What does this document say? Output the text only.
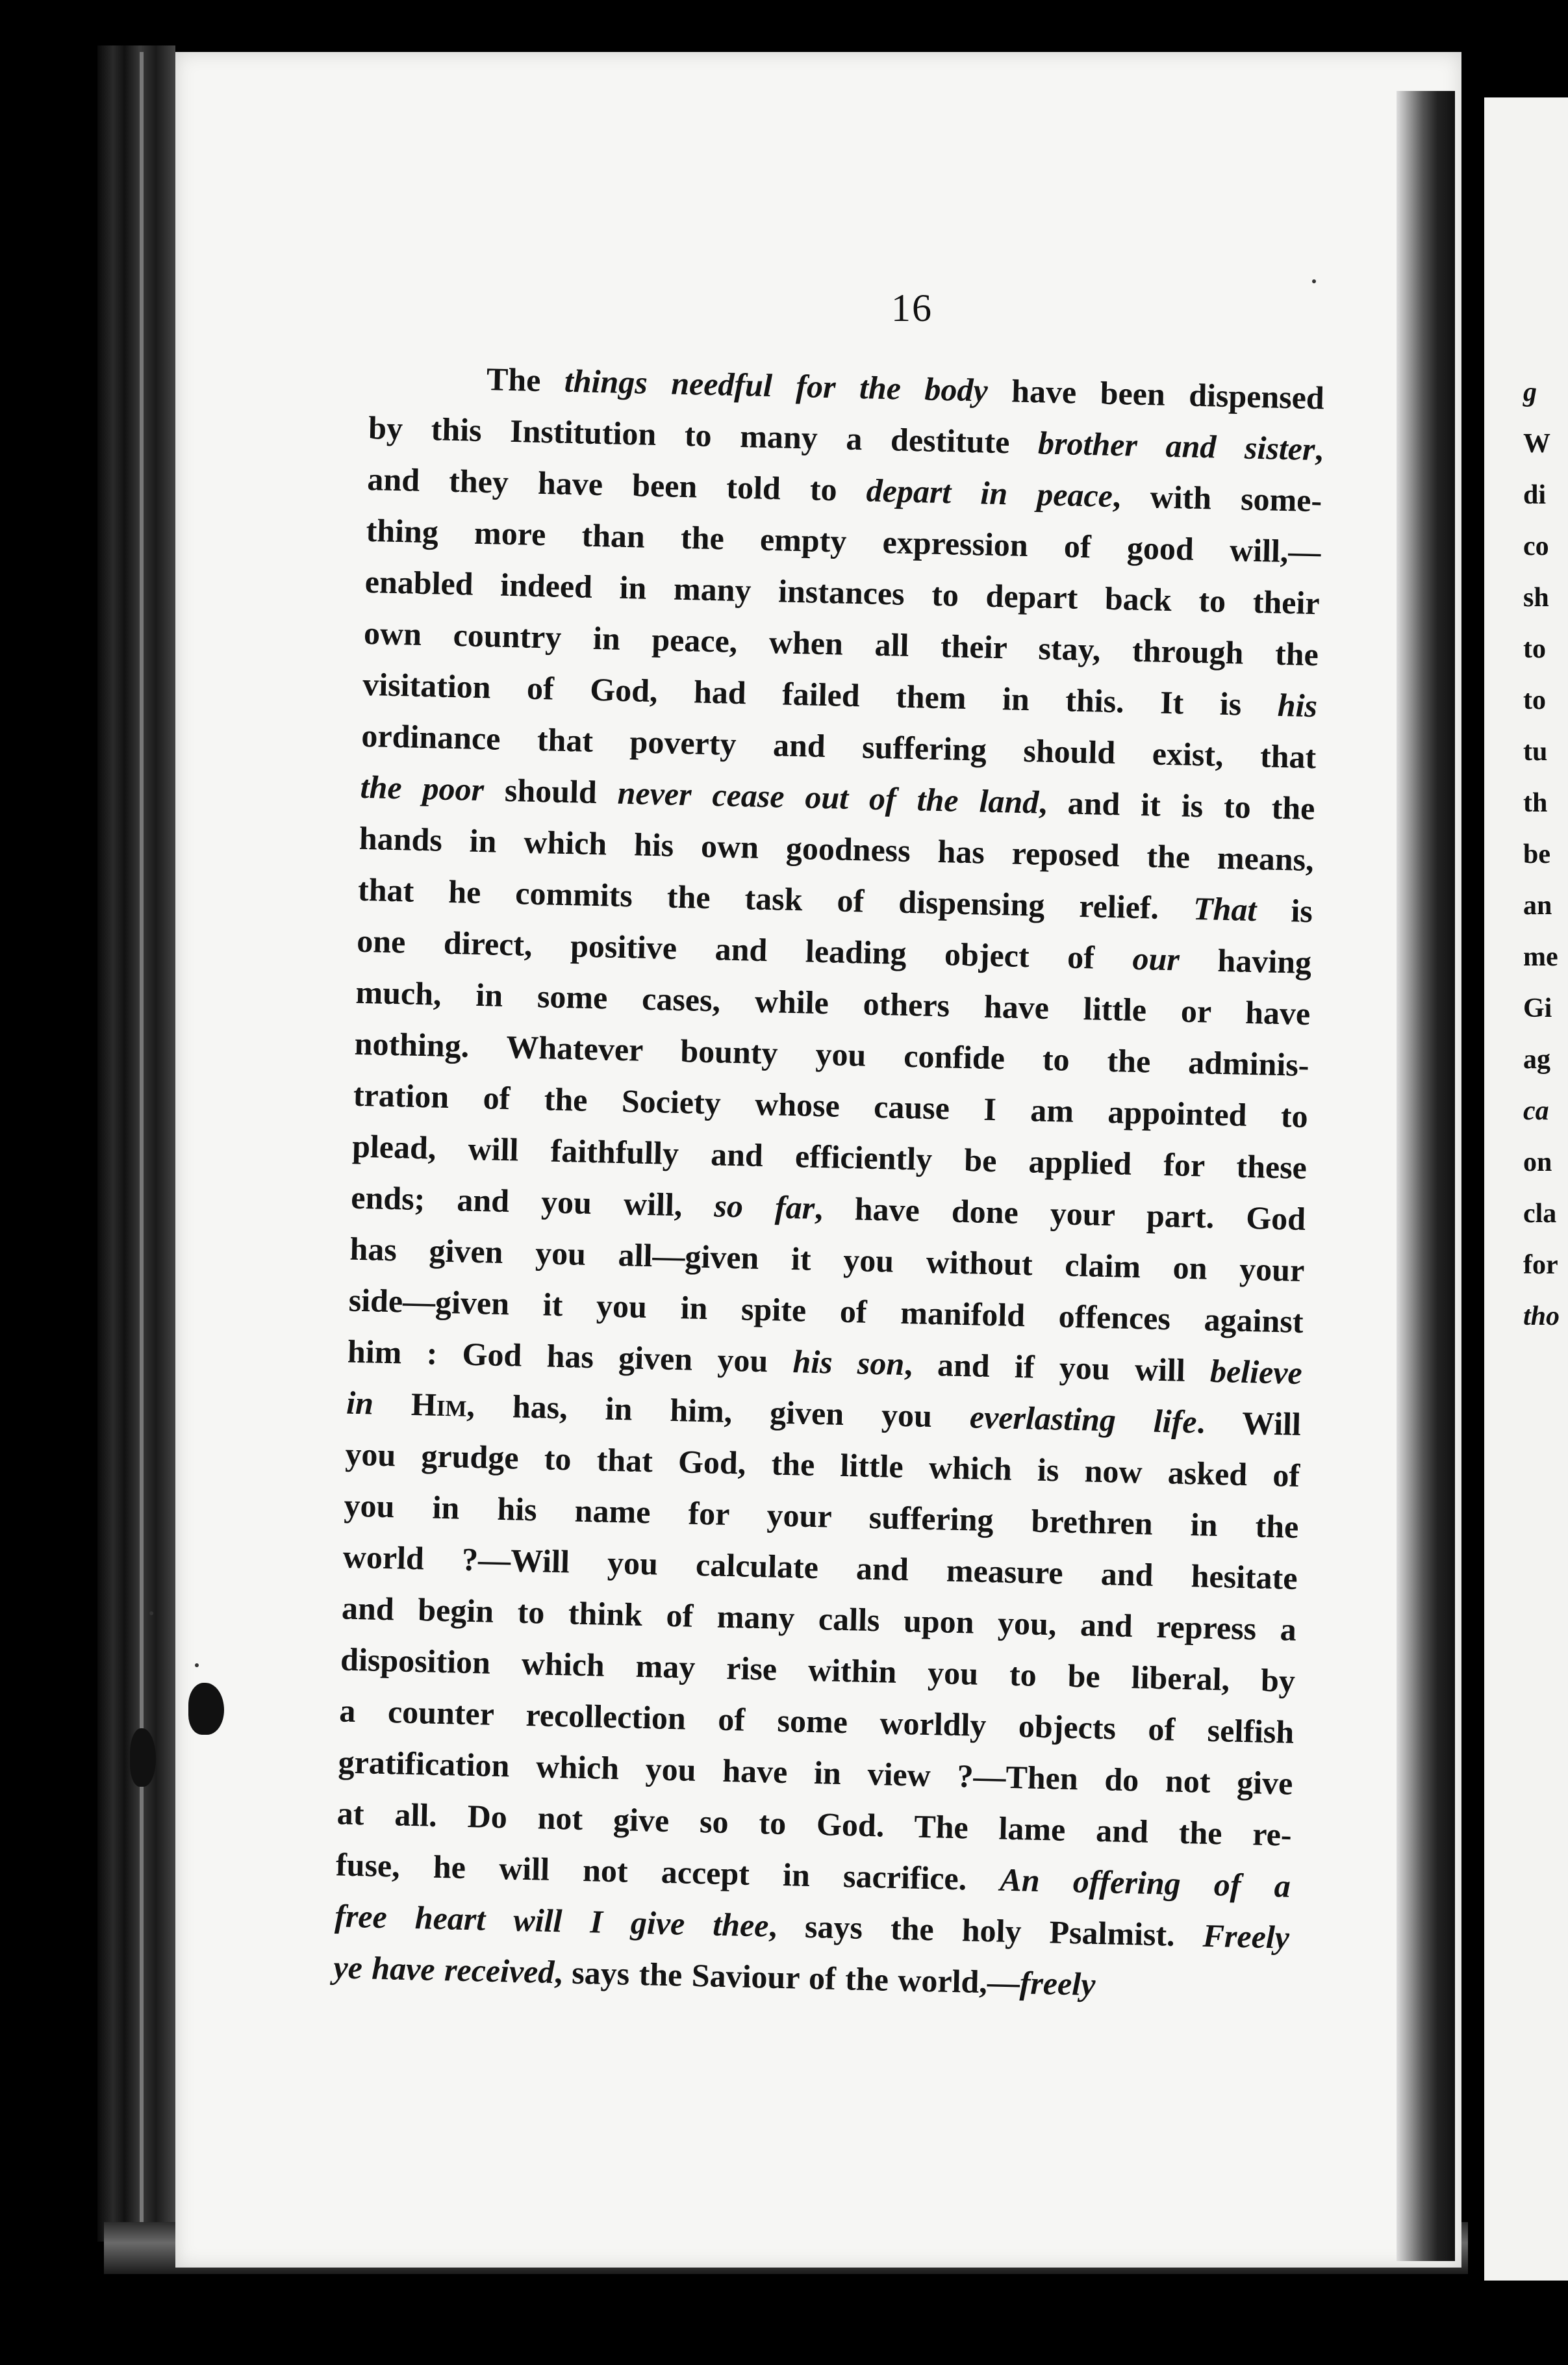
g
W
di
co
sh
to
to
tu
th
be
an
me
Gi
ag
ca
on
cla
for
tho
16
The things needful for the body have been dispensed
by this Institution to many a destitute brother and sister,
and they have been told to depart in peace, with some-
thing more than the empty expression of good will,—
enabled indeed in many instances to depart back to their
own country in peace, when all their stay, through the
visitation of God, had failed them in this. It is his
ordinance that poverty and suffering should exist, that
the poor should never cease out of the land, and it is to the
hands in which his own goodness has reposed the means,
that he commits the task of dispensing relief. That is
one direct, positive and leading object of our having
much, in some cases, while others have little or have
nothing. Whatever bounty you confide to the adminis-
tration of the Society whose cause I am appointed to
plead, will faithfully and efficiently be applied for these
ends; and you will, so far, have done your part. God
has given you all—given it you without claim on your
side—given it you in spite of manifold offences against
him : God has given you his son, and if you will believe
in Him, has, in him, given you everlasting life. Will
you grudge to that God, the little which is now asked of
you in his name for your suffering brethren in the
world ?—Will you calculate and measure and hesitate
and begin to think of many calls upon you, and repress a
disposition which may rise within you to be liberal, by
a counter recollection of some worldly objects of selfish
gratification which you have in view ?—Then do not give
at all. Do not give so to God. The lame and the re-
fuse, he will not accept in sacrifice. An offering of a
free heart will I give thee, says the holy Psalmist. Freely
ye have received, says the Saviour of the world,—freely
